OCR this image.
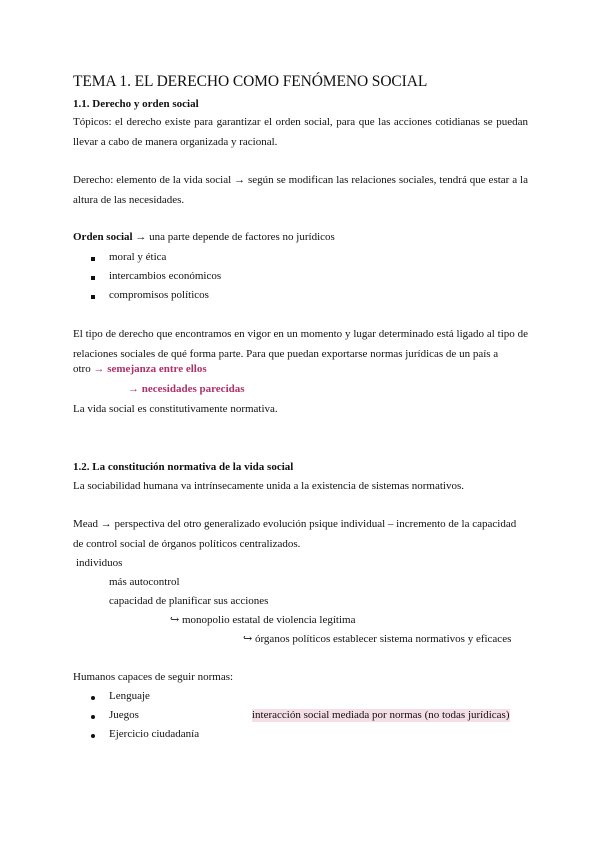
TEMA 1. EL DERECHO COMO FENÓMENO SOCIAL
1.1. Derecho y orden social
Tópicos: el derecho existe para garantizar el orden social, para que las acciones cotidianas se puedan llevar a cabo de manera organizada y racional.
Derecho: elemento de la vida social → según se modifican las relaciones sociales, tendrá que estar a la altura de las necesidades.
Orden social → una parte depende de factores no jurídicos
moral y ética
intercambios económicos
compromisos políticos
El tipo de derecho que encontramos en vigor en un momento y lugar determinado está ligado al tipo de relaciones sociales de qué forma parte. Para que puedan exportarse normas jurídicas de un país a
otro → semejanza entre ellos
→ necesidades parecidas
La vida social es constitutivamente normativa.
1.2. La constitución normativa de la vida social
La sociabilidad humana va intrínsecamente unida a la existencia de sistemas normativos.
Mead → perspectiva del otro generalizado evolución psique individual – incremento de la capacidad
de control social de órganos políticos centralizados.
individuos
más autocontrol
capacidad de planificar sus acciones
↪ monopolio estatal de violencia legítima
↪ órganos políticos establecer sistema normativos y eficaces
Humanos capaces de seguir normas:
Lenguaje
Juegos	interacción social mediada por normas (no todas jurídicas)
Ejercicio ciudadanía
